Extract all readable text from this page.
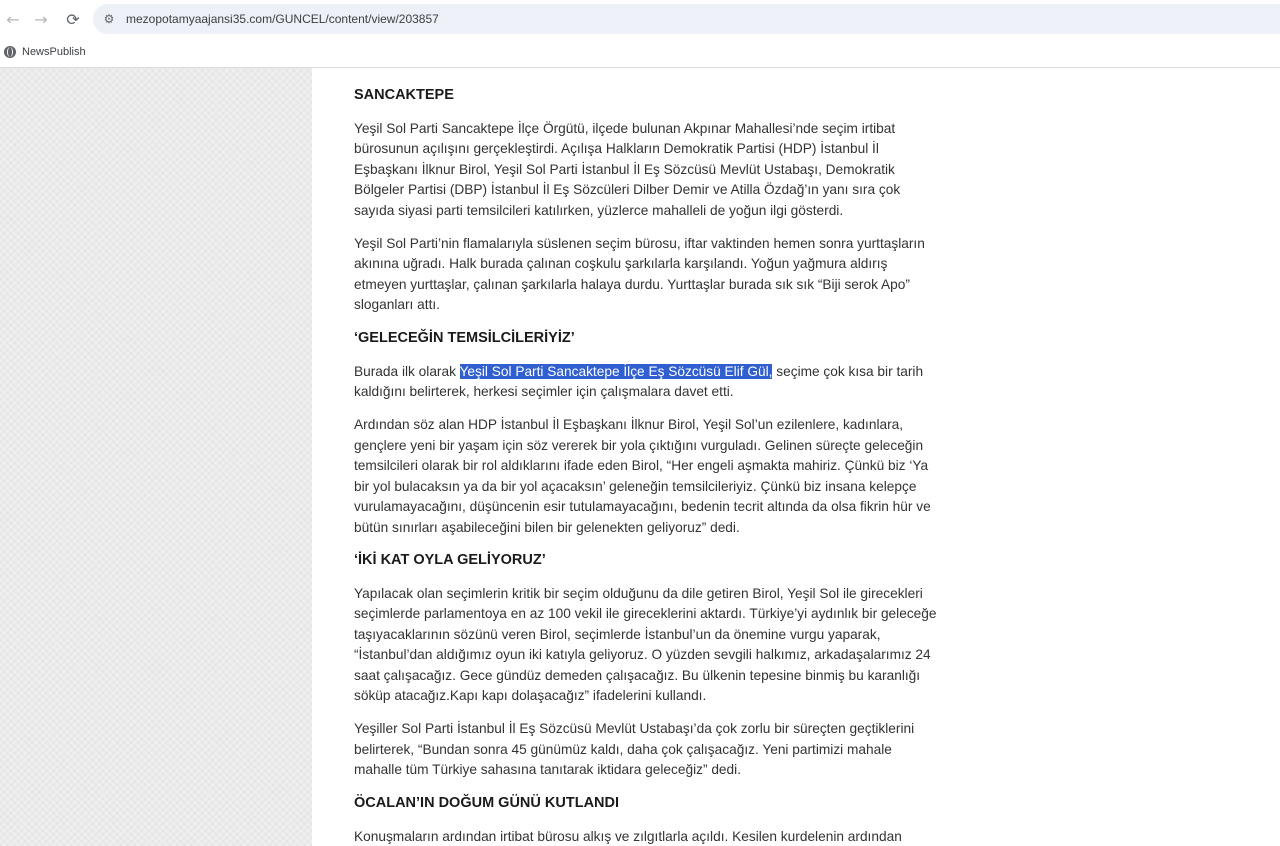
← → ⟳ ⚙ mezopotamyaajansi35.com/GUNCEL/content/view/203857
NewsPublish
SANCAKTEPE

Yeşil Sol Parti Sancaktepe İlçe Örgütü, ilçede bulunan Akpınar Mahallesi’nde seçim irtibat bürosunun açılışını gerçekleştirdi. Açılışa Halkların Demokratik Partisi (HDP) İstanbul İl Eşbaşkanı İlknur Birol, Yeşil Sol Parti İstanbul İl Eş Sözcüsü Mevlüt Ustabaşı, Demokratik Bölgeler Partisi (DBP) İstanbul İl Eş Sözcüleri Dilber Demir ve Atilla Özdağ’ın yanı sıra çok sayıda siyasi parti temsilcileri katılırken, yüzlerce mahalleli de yoğun ilgi gösterdi.

Yeşil Sol Parti’nin flamalarıyla süslenen seçim bürosu, iftar vaktinden hemen sonra yurttaşların akınına uğradı. Halk burada çalınan coşkulu şarkılarla karşılandı. Yoğun yağmura aldırış etmeyen yurttaşlar, çalınan şarkılarla halaya durdu. Yurttaşlar burada sık sık “Biji serok Apo” sloganları attı.

‘GELECEĞİN TEMSİLCİLERİYİZ’

Burada ilk olarak Yeşil Sol Parti Sancaktepe İlçe Eş Sözcüsü Elif Gül, seçime çok kısa bir tarih kaldığını belirterek, herkesi seçimler için çalışmalara davet etti.

Ardından söz alan HDP İstanbul İl Eşbaşkanı İlknur Birol, Yeşil Sol’un ezilenlere, kadınlara, gençlere yeni bir yaşam için söz vererek bir yola çıktığını vurguladı. Gelinen süreçte geleceğin temsilcileri olarak bir rol aldıklarını ifade eden Birol, “Her engeli aşmakta mahiriz. Çünkü biz ‘Ya bir yol bulacaksın ya da bir yol açacaksın’ geleneğin temsilcileriyiz. Çünkü biz insana kelepçe vurulamayacağını, düşüncenin esir tutulamayacağını, bedenin tecrit altında da olsa fikrin hür ve bütün sınırları aşabileceğini bilen bir gelenekten geliyoruz” dedi.

‘İKİ KAT OYLA GELİYORUZ’

Yapılacak olan seçimlerin kritik bir seçim olduğunu da dile getiren Birol, Yeşil Sol ile girecekleri seçimlerde parlamentoya en az 100 vekil ile gireceklerini aktardı. Türkiye’yi aydınlık bir geleceğe taşıyacaklarının sözünü veren Birol, seçimlerde İstanbul’un da önemine vurgu yaparak, “İstanbul’dan aldığımız oyun iki katıyla geliyoruz. O yüzden sevgili halkımız, arkadaşalarımız 24 saat çalışacağız. Gece gündüz demeden çalışacağız. Bu ülkenin tepesine binmiş bu karanlığı söküp atacağız.Kapı kapı dolaşacağız” ifadelerini kullandı.

Yeşiller Sol Parti İstanbul İl Eş Sözcüsü Mevlüt Ustabaşı’da çok zorlu bir süreçten geçtiklerini belirterek, “Bundan sonra 45 günümüz kaldı, daha çok çalışacağız. Yeni partimizi mahale mahalle tüm Türkiye sahasına tanıtarak iktidara geleceğiz” dedi.

ÖCALAN’IN DOĞUM GÜNÜ KUTLANDI

Konuşmaların ardından irtibat bürosu alkış ve zılgıtlarla açıldı. Kesilen kurdelenin ardından
